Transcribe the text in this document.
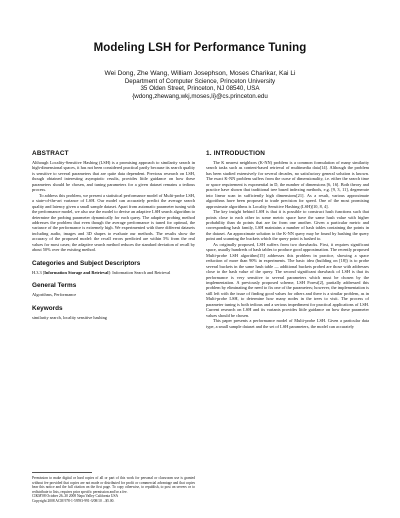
Modeling LSH for Performance Tuning
Wei Dong, Zhe Wang, William Josephson, Moses Charikar, Kai Li
Department of Computer Science, Princeton University
35 Olden Street, Princeton, NJ 08540, USA
{wdong,zhewang,wkj,moses,li}@cs.princeton.edu
ABSTRACT

Although Locality-Sensitive Hashing (LSH) is a promising approach to similarity search in high-dimensional spaces, it has not been considered practical partly because its search quality is sensitive to several parameters that are quite data dependent. Previous research on LSH, though obtained interesting asymptotic results, provides little guidance on how these parameters should be chosen, and tuning parameters for a given dataset remains a tedious process.

To address this problem, we present a statistical performance model of Multi-probe LSH, a state-of-the-art variance of LSH. Our model can accurately predict the average search quality and latency given a small sample dataset. Apart from automatic parameter tuning with the performance model, we also use the model to devise an adaptive LSH search algorithm to determine the probing parameter dynamically for each query. The adaptive probing method addresses the problem that even though the average performance is tuned for optimal, the variance of the performance is extremely high. We experimented with three different datasets including audio, images and 3D shapes to evaluate our methods. The results show the accuracy of the proposed model: the recall errors predicted are within 5% from the real values for most cases; the adaptive search method reduces the standard deviation of recall by about 50% over the existing method.

Categories and Subject Descriptors

H.3.3 [Information Storage and Retrieval]: Information Search and Retrieval

General Terms

Algorithms, Performance

Keywords

similarity search, locality sensitive hashing

Permission to make digital or hard copies of all or part of this work for personal or classroom use is granted without fee provided that copies are not made or distributed for profit or commercial advantage and that copies bear this notice and the full citation on the first page. To copy otherwise, to republish, to post on servers or to redistribute to lists, requires prior specific permission and/or a fee.

CIKM'08 October 26–30 2008 Napa Valley California USA

Copyright 2008 ACM 978-1-59593-991-3/08/10 ...$5.00.

1. INTRODUCTION

The K nearest neighbors (K-NN) problem is a common formulation of many similarity search tasks such as content-based retrieval of multimedia data[14]. Although the problem has been studied extensively for several decades, no satisfactory general solution is known. The exact K-NN problem suffers from the curse of dimensionality, i.e. either the search time or space requirement is exponential in D, the number of dimensions [6, 16]. Both theory and practice have shown that traditional tree based indexing methods, e.g. [9, 3, 11], degenerate into linear scan in sufficiently high dimensions[21]. As a result, various approximate algorithms have been proposed to trade precision for speed. One of the most promising approximate algorithms is Locality Sensitive Hashing (LSH)[10, 8, 4].

The key insight behind LSH is that it is possible to construct hash functions such that points close to each other in some metric space have the same hash value with higher probability than do points that are far from one another. Given a particular metric and corresponding hash family, LSH maintains a number of hash tables containing the points in the dataset. An approximate solution to the K-NN query may be found by hashing the query point and scanning the buckets which the query point is hashed to.

As originally proposed, LSH suffers from two drawbacks. First, it requires significant space, usually hundreds of hash tables to produce good approximation. The recently proposed Multi-probe LSH algorithm[15] addresses this problem in practice, showing a space reduction of more than 90% in experiments. The basic idea (building on [18]) is to probe several buckets in the same hash table — additional buckets probed are those with addresses close to the hash value of the query. The second significant drawback of LSH is that its performance is very sensitive to several parameters which must be chosen by the implementation. A previously proposed scheme, LSH Forest[2], partially addressed this problem by eliminating the need to fix one of the parameters; however, the implementation is still left with the issue of finding good values for others and there is a similar problem, as in Multi-probe LSH, to determine how many nodes in the trees to visit. The process of parameter tuning is both tedious and a serious impediment for practical applications of LSH. Current research on LSH and its variants provides little guidance on how these parameter values should be chosen.

This paper presents a performance model of Multi-probe LSH. Given a particular data type, a small sample dataset and the set of LSH parameters, the model can accurately
